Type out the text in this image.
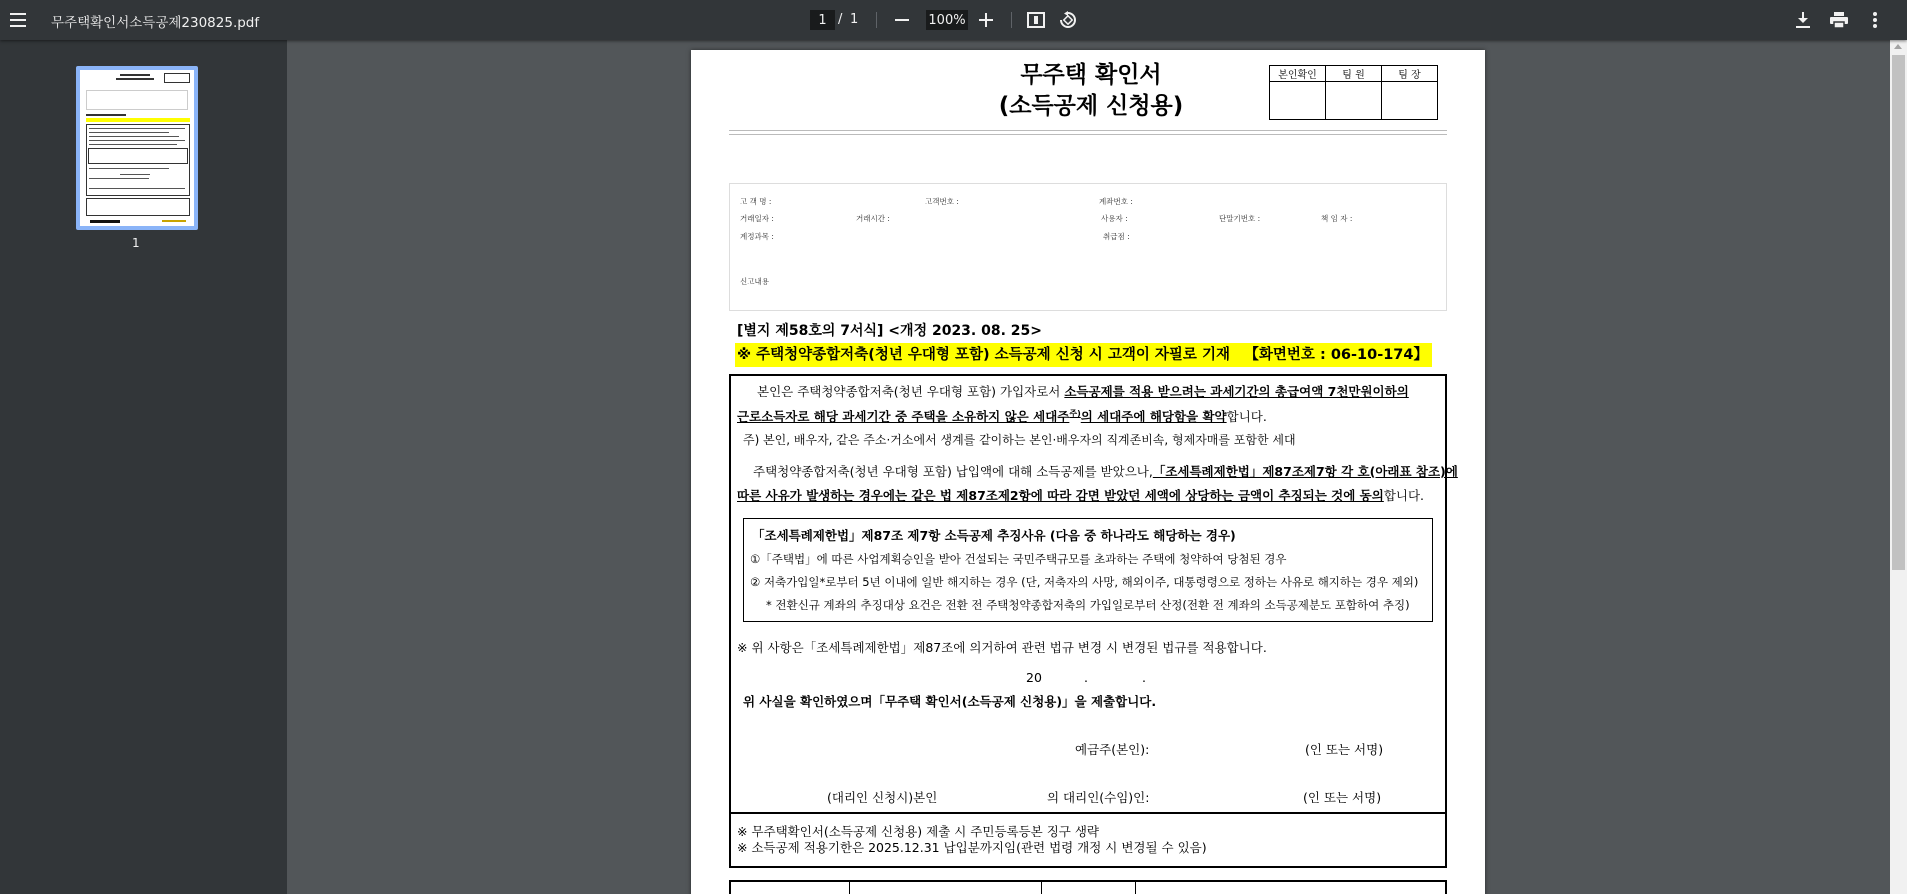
무주택확인서소득공제230825.pdf	1 / 1	100%
1
무주택 확인서
(소득공제 신청용)
본인확인	팀 원	팀 장

고 객 명 :	고객번호 :	계좌번호 :
거래일자 :	거래시간 :	사용자 :	단말기번호 :	책 임 자 :
계정과목 :	취급점 :
신고내용
[별지 제58호의 7서식] <개정 2023. 08. 25>
※ 주택청약종합저축(청년 우대형 포함) 소득공제 신청 시 고객이 자필로 기재 【화면번호 : 06-10-174】
본인은 주택청약종합저축(청년 우대형 포함) 가입자로서 소득공제를 적용 받으려는 과세기간의 총급여액 7천만원이하의
근로소득자로 해당 과세기간 중 주택을 소유하지 않은 세대주$^{주)}$의 세대주에 해당함을 확약합니다.
주) 본인, 배우자, 같은 주소·거소에서 생계를 같이하는 본인·배우자의 직계존비속, 형제자매를 포함한 세대
주택청약종합저축(청년 우대형 포함) 납입액에 대해 소득공제를 받았으나,「조세특례제한법」제87조제7항 각 호(아래표 참조)에
따른 사유가 발생하는 경우에는 같은 법 제87조제2항에 따라 감면 받았던 세액에 상당하는 금액이 추징되는 것에 동의합니다.
「조세특례제한법」제87조 제7항 소득공제 추징사유 (다음 중 하나라도 해당하는 경우)
①「주택법」에 따른 사업계획승인을 받아 건설되는 국민주택규모를 초과하는 주택에 청약하여 당첨된 경우
② 저축가입일*로부터 5년 이내에 일반 해지하는 경우 (단, 저축자의 사망, 해외이주, 대통령령으로 정하는 사유로 해지하는 경우 제외)
* 전환신규 계좌의 추징대상 요건은 전환 전 주택청약종합저축의 가입일로부터 산정(전환 전 계좌의 소득공제분도 포함하여 추징)
※ 위 사항은「조세특례제한법」제87조에 의거하여 관련 법규 변경 시 변경된 법규를 적용합니다.
20	.	.
위 사실을 확인하였으며「무주택 확인서(소득공제 신청용)」을 제출합니다.
예금주(본인):	(인 또는 서명)
(대리인 신청시)본인	의 대리인(수임)인:	(인 또는 서명)
※ 무주택확인서(소득공제 신청용) 제출 시 주민등록등본 징구 생략
※ 소득공제 적용기한은 2025.12.31 납입분까지임(관련 법령 개정 시 변경될 수 있음)
